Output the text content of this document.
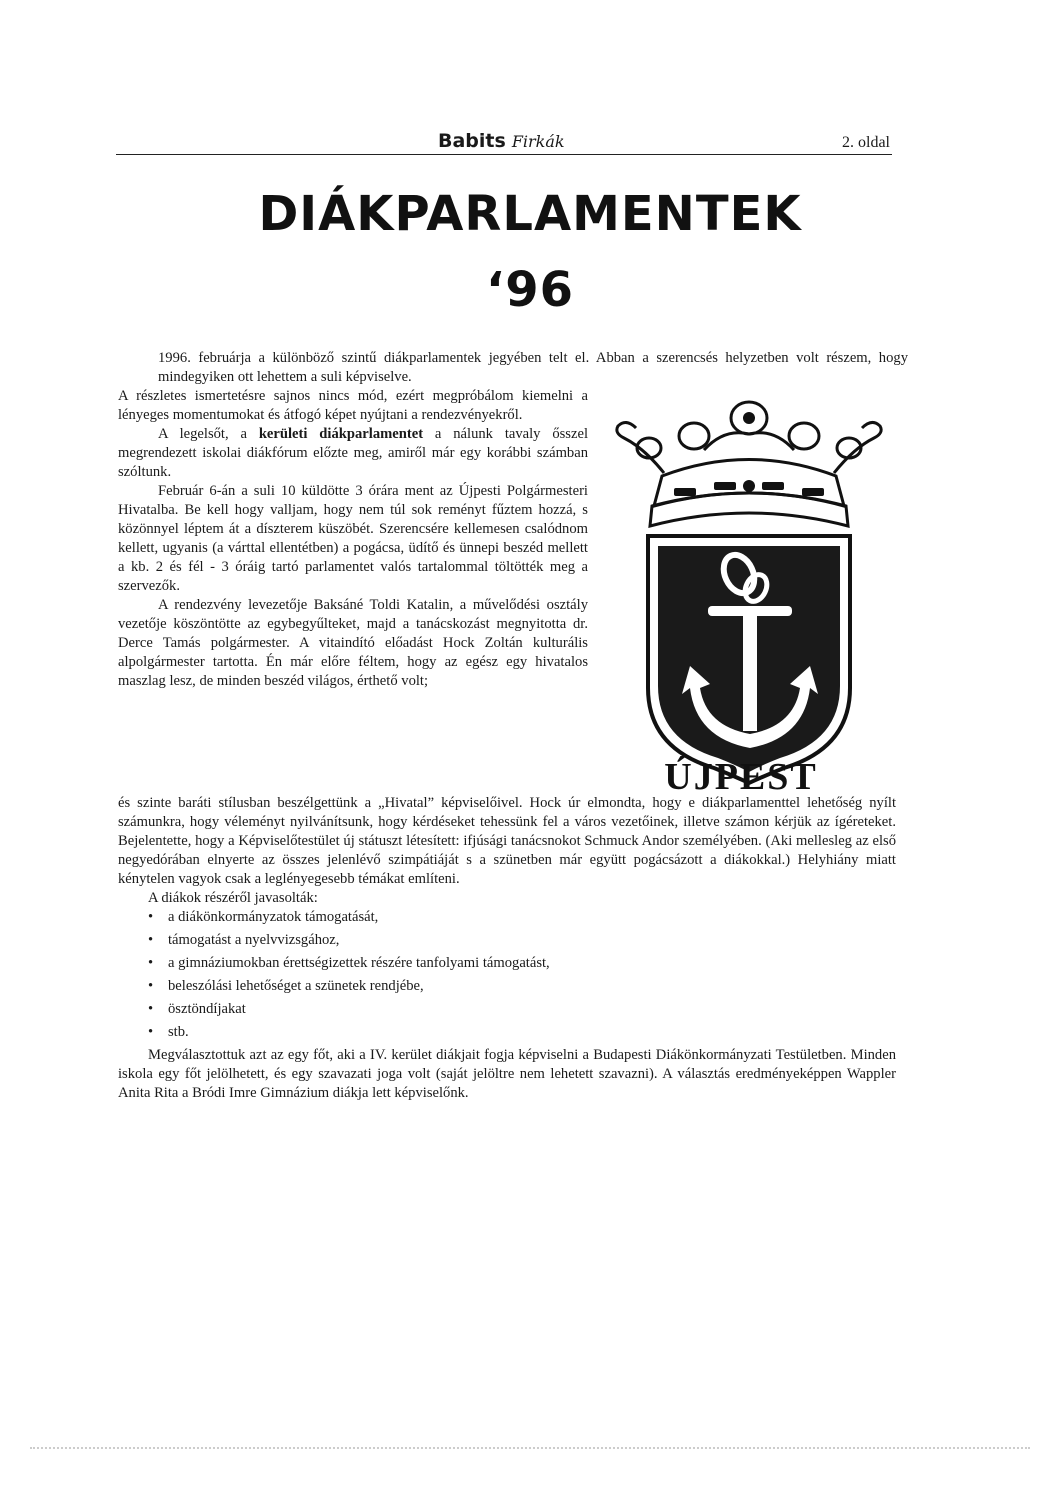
Babits Firkák	2. oldal
DIÁKPARLAMENTEK
‘96

1996. februárja a különböző szintű diákparlamentek jegyében telt el. Abban a szerencsés helyzetben volt részem, hogy mindegyiken ott lehettem a suli képviselve.

A részletes ismertetésre sajnos nincs mód, ezért megpróbálom kiemelni a lényeges momentumokat és átfogó képet nyújtani a rendezvényekről.

A legelsőt, a kerületi diákparlamentet a nálunk tavaly ősszel megrendezett iskolai diákfórum előzte meg, amiről már egy korábbi számban szóltunk.

Február 6-án a suli 10 küldötte 3 órára ment az Újpesti Polgármesteri Hivatalba. Be kell hogy valljam, hogy nem túl sok reményt fűztem hozzá, s közönnyel léptem át a díszterem küszöbét. Szerencsére kellemesen csalódnom kellett, ugyanis (a várttal ellentétben) a pogácsa, üdítő és ünnepi beszéd mellett a kb. 2 és fél - 3 óráig tartó parlamentet valós tartalommal töltötték meg a szervezők.

A rendezvény levezetője Baksáné Toldi Katalin, a művelődési osztály vezetője köszöntötte az egybegyűlteket, majd a tanácskozást megnyitotta dr. Derce Tamás polgármester. A vitaindító előadást Hock Zoltán kulturális alpolgármester tartotta. Én már előre féltem, hogy az egész egy hivatalos maszlag lesz, de minden beszéd világos, érthető volt;

ÚJPEST

és szinte baráti stílusban beszélgettünk a „Hivatal” képviselőivel. Hock úr elmondta, hogy e diákparlamenttel lehetőség nyílt számunkra, hogy véleményt nyilvánítsunk, hogy kérdéseket tehessünk fel a város vezetőinek, illetve számon kérjük az ígéreteket. Bejelentette, hogy a Képviselőtestület új státuszt létesített: ifjúsági tanácsnokot Schmuck Andor személyében. (Aki mellesleg az első negyedórában elnyerte az összes jelenlévő szimpátiáját s a szünetben már együtt pogácsázott a diákokkal.) Helyhiány miatt kénytelen vagyok csak a leglényegesebb témákat említeni.

A diákok részéről javasolták:

• a diákönkormányzatok támogatását,
• támogatást a nyelvvizsgához,
• a gimnáziumokban érettségizettek részére tanfolyami támogatást,
• beleszólási lehetőséget a szünetek rendjébe,
• ösztöndíjakat
• stb.

Megválasztottuk azt az egy főt, aki a IV. kerület diákjait fogja képviselni a Budapesti Diákönkormányzati Testületben. Minden iskola egy főt jelölhetett, és egy szavazati joga volt (saját jelöltre nem lehetett szavazni). A választás eredményeképpen Wappler Anita Rita a Bródi Imre Gimnázium diákja lett képviselőnk.
